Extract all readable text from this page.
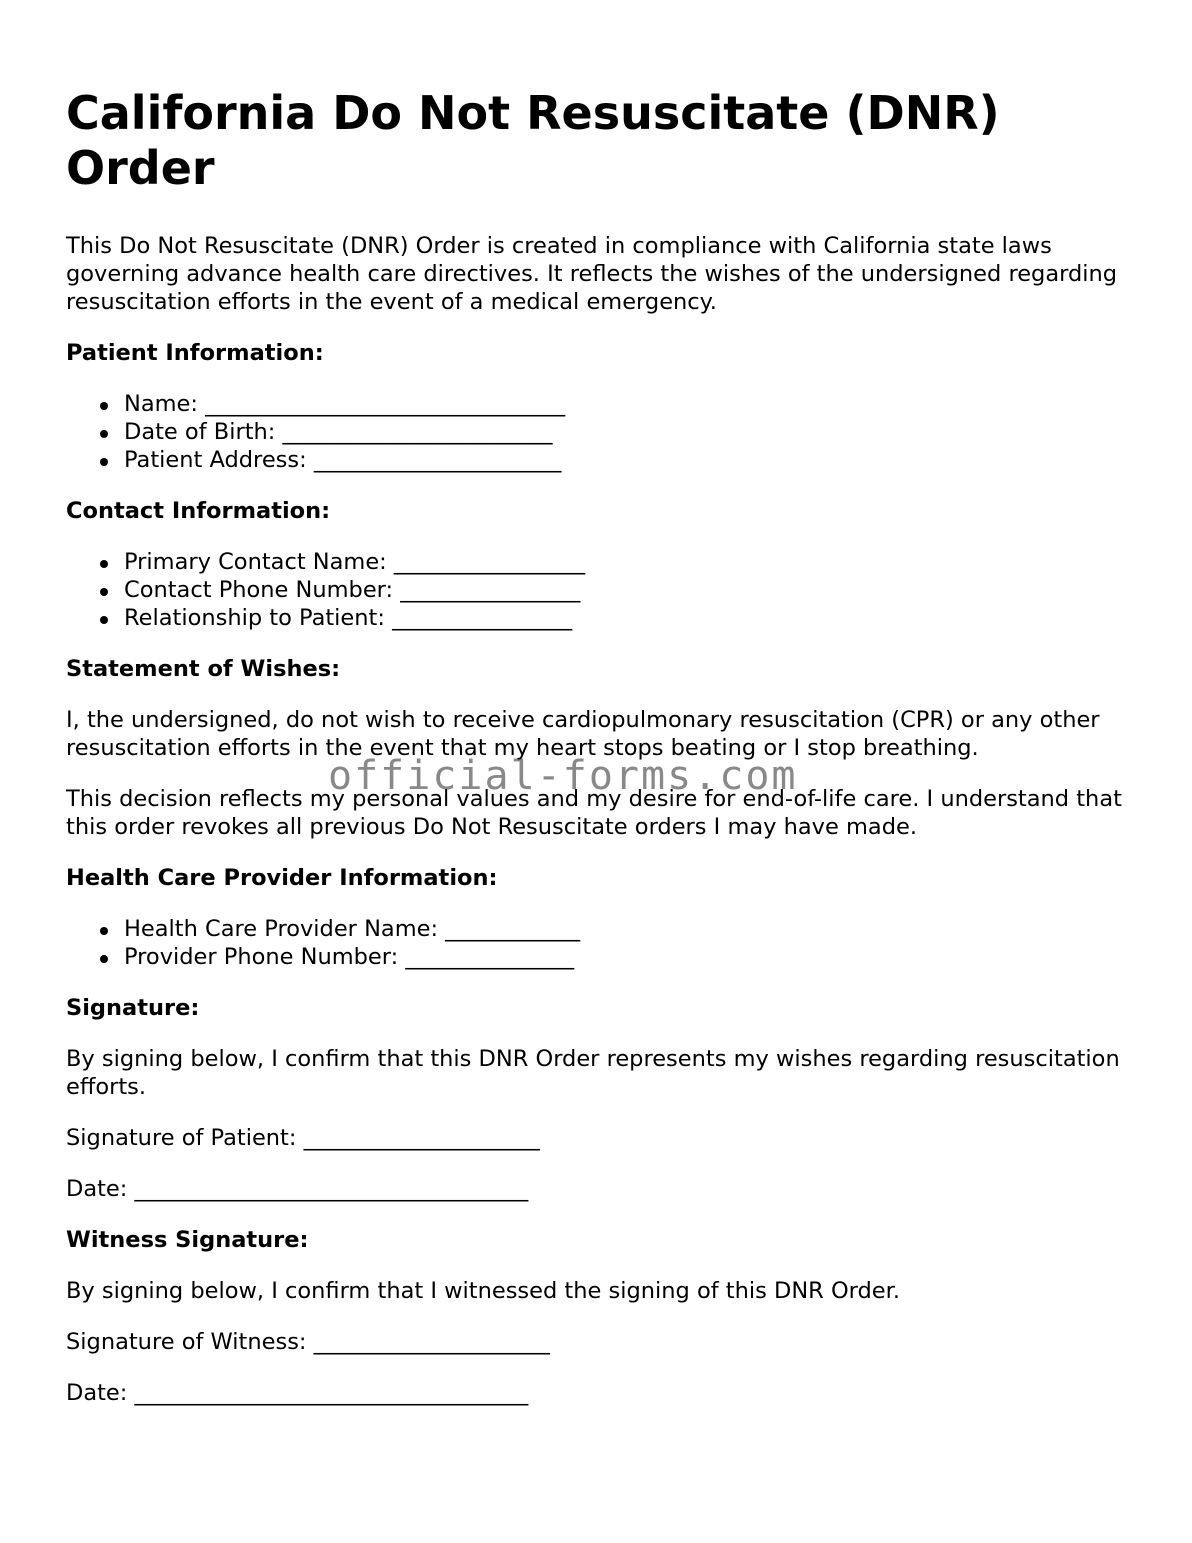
California Do Not Resuscitate (DNR) Order

This Do Not Resuscitate (DNR) Order is created in compliance with California state laws governing advance health care directives. It reflects the wishes of the undersigned regarding resuscitation efforts in the event of a medical emergency.

Patient Information:
Name: ________________________________
Date of Birth: ________________________
Patient Address: ______________________
Contact Information:
Primary Contact Name: _________________
Contact Phone Number: ________________
Relationship to Patient: ________________
Statement of Wishes:

I, the undersigned, do not wish to receive cardiopulmonary resuscitation (CPR) or any other resuscitation efforts in the event that my heart stops beating or I stop breathing.

This decision reflects my personal values and my desire for end-of-life care. I understand that this order revokes all previous Do Not Resuscitate orders I may have made.

Health Care Provider Information:
Health Care Provider Name: ____________
Provider Phone Number: _______________
Signature:

By signing below, I confirm that this DNR Order represents my wishes regarding resuscitation efforts.

Signature of Patient: _____________________

Date: ___________________________________

Witness Signature:

By signing below, I confirm that I witnessed the signing of this DNR Order.

Signature of Witness: _____________________

Date: ___________________________________

official-forms.com
